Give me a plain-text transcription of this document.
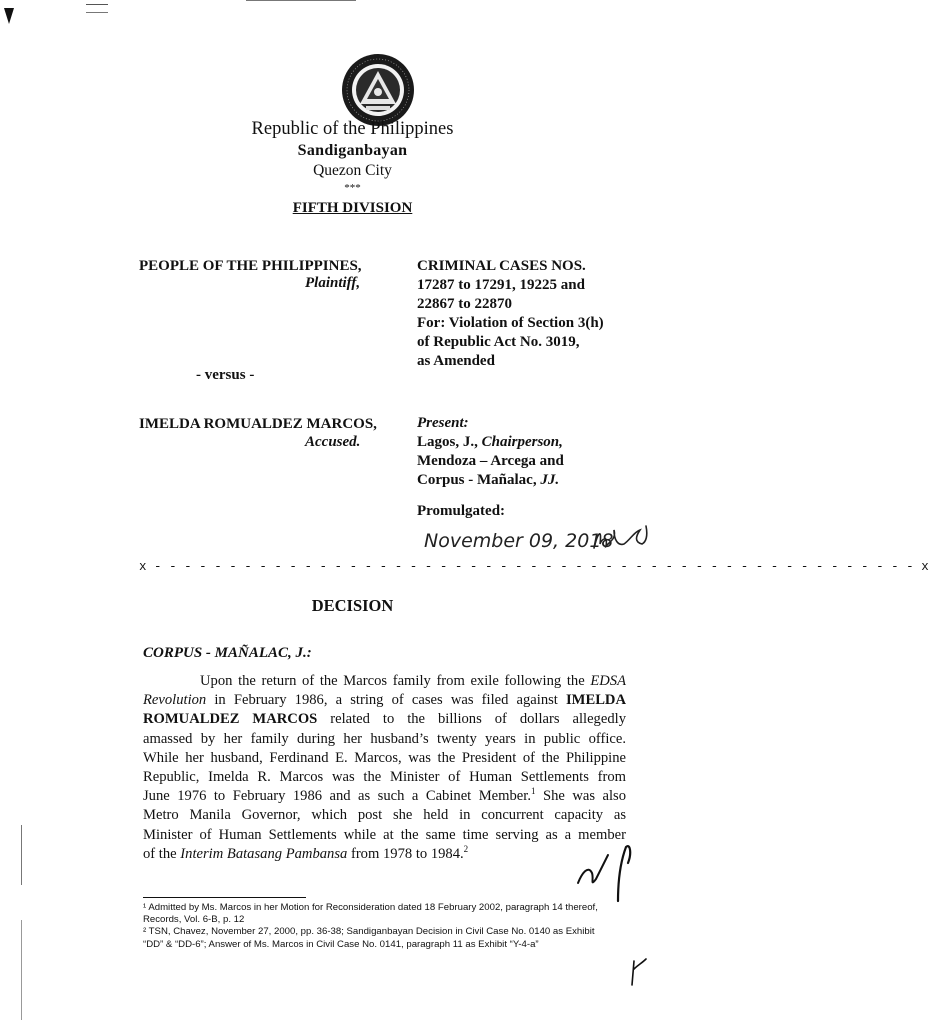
Republic of the Philippines
Sandiganbayan
Quezon City
***
FIFTH DIVISION
PEOPLE OF THE PHILIPPINES,
Plaintiff,
- versus -
IMELDA ROMUALDEZ MARCOS,
Accused.
CRIMINAL CASES NOS.
17287 to 17291, 19225 and
22867 to 22870
For: Violation of Section 3(h)
of Republic Act No. 3019,
as Amended
Present:
Lagos, J., Chairperson,
Mendoza – Arcega and
Corpus - Mañalac, JJ.
Promulgated:
November 09, 2018
x - - - - - - - - - - - - - - - - - - - - - - - - - - - - - - - - - - - - - - - - - - - - - - - - - - - x
DECISION
CORPUS - MAÑALAC, J.:
Upon the return of the Marcos family from exile following the EDSA
Revolution in February 1986, a string of cases was filed against IMELDA
ROMUALDEZ MARCOS related to the billions of dollars allegedly
amassed by her family during her husband’s twenty years in public office.
While her husband, Ferdinand E. Marcos, was the President of the Philippine
Republic, Imelda R. Marcos was the Minister of Human Settlements from
June 1976 to February 1986 and as such a Cabinet Member.$^1$ She was also
Metro Manila Governor, which post she held in concurrent capacity as
Minister of Human Settlements while at the same time serving as a member
of the Interim Batasang Pambansa from 1978 to 1984.$^2$
¹ Admitted by Ms. Marcos in her Motion for Reconsideration dated 18 February 2002, paragraph 14 thereof,
Records, Vol. 6-B, p. 12
² TSN, Chavez, November 27, 2000, pp. 36-38; Sandiganbayan Decision in Civil Case No. 0140 as Exhibit
“DD” & “DD-6”; Answer of Ms. Marcos in Civil Case No. 0141, paragraph 11 as Exhibit “Y-4-a”
